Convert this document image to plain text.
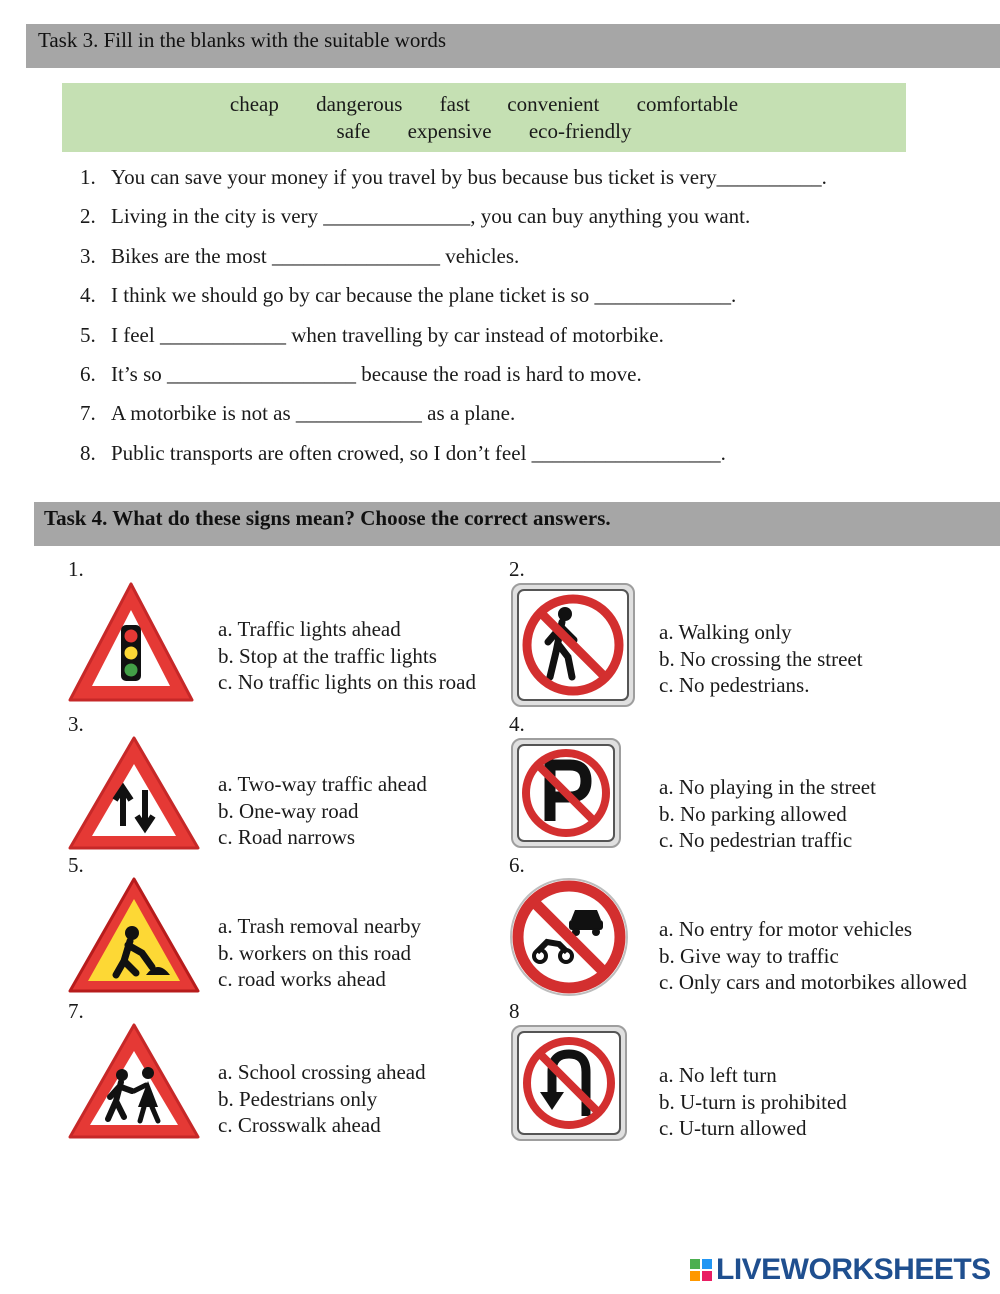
Task 3. Fill in the blanks with the suitable words
cheap dangerous fast convenient comfortable
safe expensive eco-friendly
1. You can save your money if you travel by bus because bus ticket is very__________.
2. Living in the city is very ______________, you can buy anything you want.
3. Bikes are the most ________________ vehicles.
4. I think we should go by car because the plane ticket is so _____________.
5. I feel ____________ when travelling by car instead of motorbike.
6. It’s so __________________ because the road is hard to move.
7. A motorbike is not as ____________ as a plane.
8. Public transports are often crowed, so I don’t feel __________________.
Task 4. What do these signs mean? Choose the correct answers.
1.
a. Traffic lights ahead
b. Stop at the traffic lights
c. No traffic lights on this road
2.
a. Walking only
b. No crossing the street
c. No pedestrians.
3.
a. Two-way traffic ahead
b. One-way road
c. Road narrows
4.
a. No playing in the street
b. No parking allowed
c. No pedestrian traffic
5.
a. Trash removal nearby
b. workers on this road
c. road works ahead
6.
a. No entry for motor vehicles
b. Give way to traffic
c. Only cars and motorbikes allowed
7.
a. School crossing ahead
b. Pedestrians only
c. Crosswalk ahead
8
a. No left turn
b. U-turn is prohibited
c. U-turn allowed
LIVEWORKSHEETS
